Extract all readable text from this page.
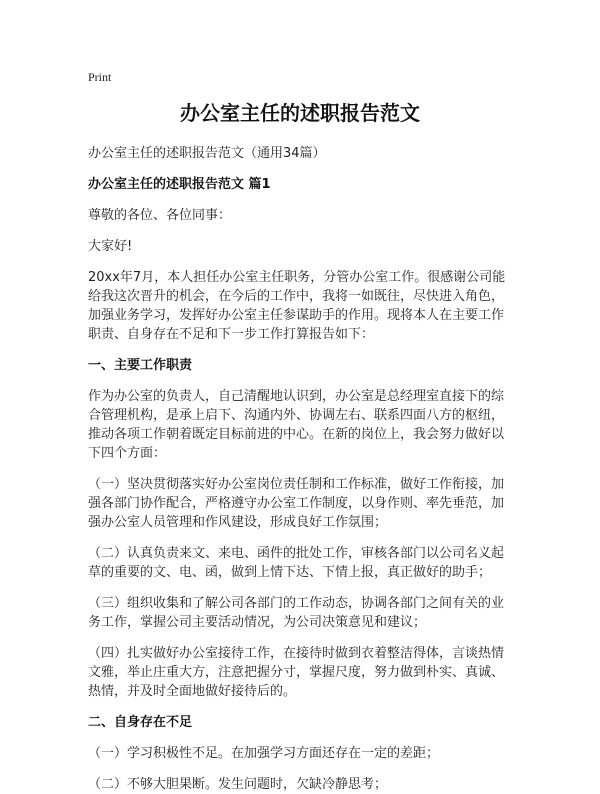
Print
办公室主任的述职报告范文
办公室主任的述职报告范文（通用34篇）
办公室主任的述职报告范文 篇1
尊敬的各位、各位同事：
大家好!
20xx年7月，本人担任办公室主任职务，分管办公室工作。很感谢公司能给我这次晋升的机会，在今后的工作中，我将一如既往，尽快进入角色，加强业务学习，发挥好办公室主任参谋助手的作用。现将本人在主要工作职责、自身存在不足和下一步工作打算报告如下：
一、主要工作职责
作为办公室的负责人，自己清醒地认识到，办公室是总经理室直接下的综合管理机构，是承上启下、沟通内外、协调左右、联系四面八方的枢纽，推动各项工作朝着既定目标前进的中心。在新的岗位上，我会努力做好以下四个方面：
（一）坚决贯彻落实好办公室岗位责任制和工作标准，做好工作衔接，加强各部门协作配合，严格遵守办公室工作制度，以身作则、率先垂范，加强办公室人员管理和作风建设，形成良好工作氛围；
（二）认真负责来文、来电、函件的批处工作，审核各部门以公司名义起草的重要的文、电、函，做到上情下达、下情上报，真正做好的助手；
（三）组织收集和了解公司各部门的工作动态，协调各部门之间有关的业务工作，掌握公司主要活动情况，为公司决策意见和建议；
（四）扎实做好办公室接待工作，在接待时做到衣着整洁得体，言谈热情文雅，举止庄重大方，注意把握分寸，掌握尺度，努力做到朴实、真诚、热情，并及时全面地做好接待后的。
二、自身存在不足
（一）学习积极性不足。在加强学习方面还存在一定的差距；
（二）不够大胆果断。发生问题时，欠缺冷静思考；
